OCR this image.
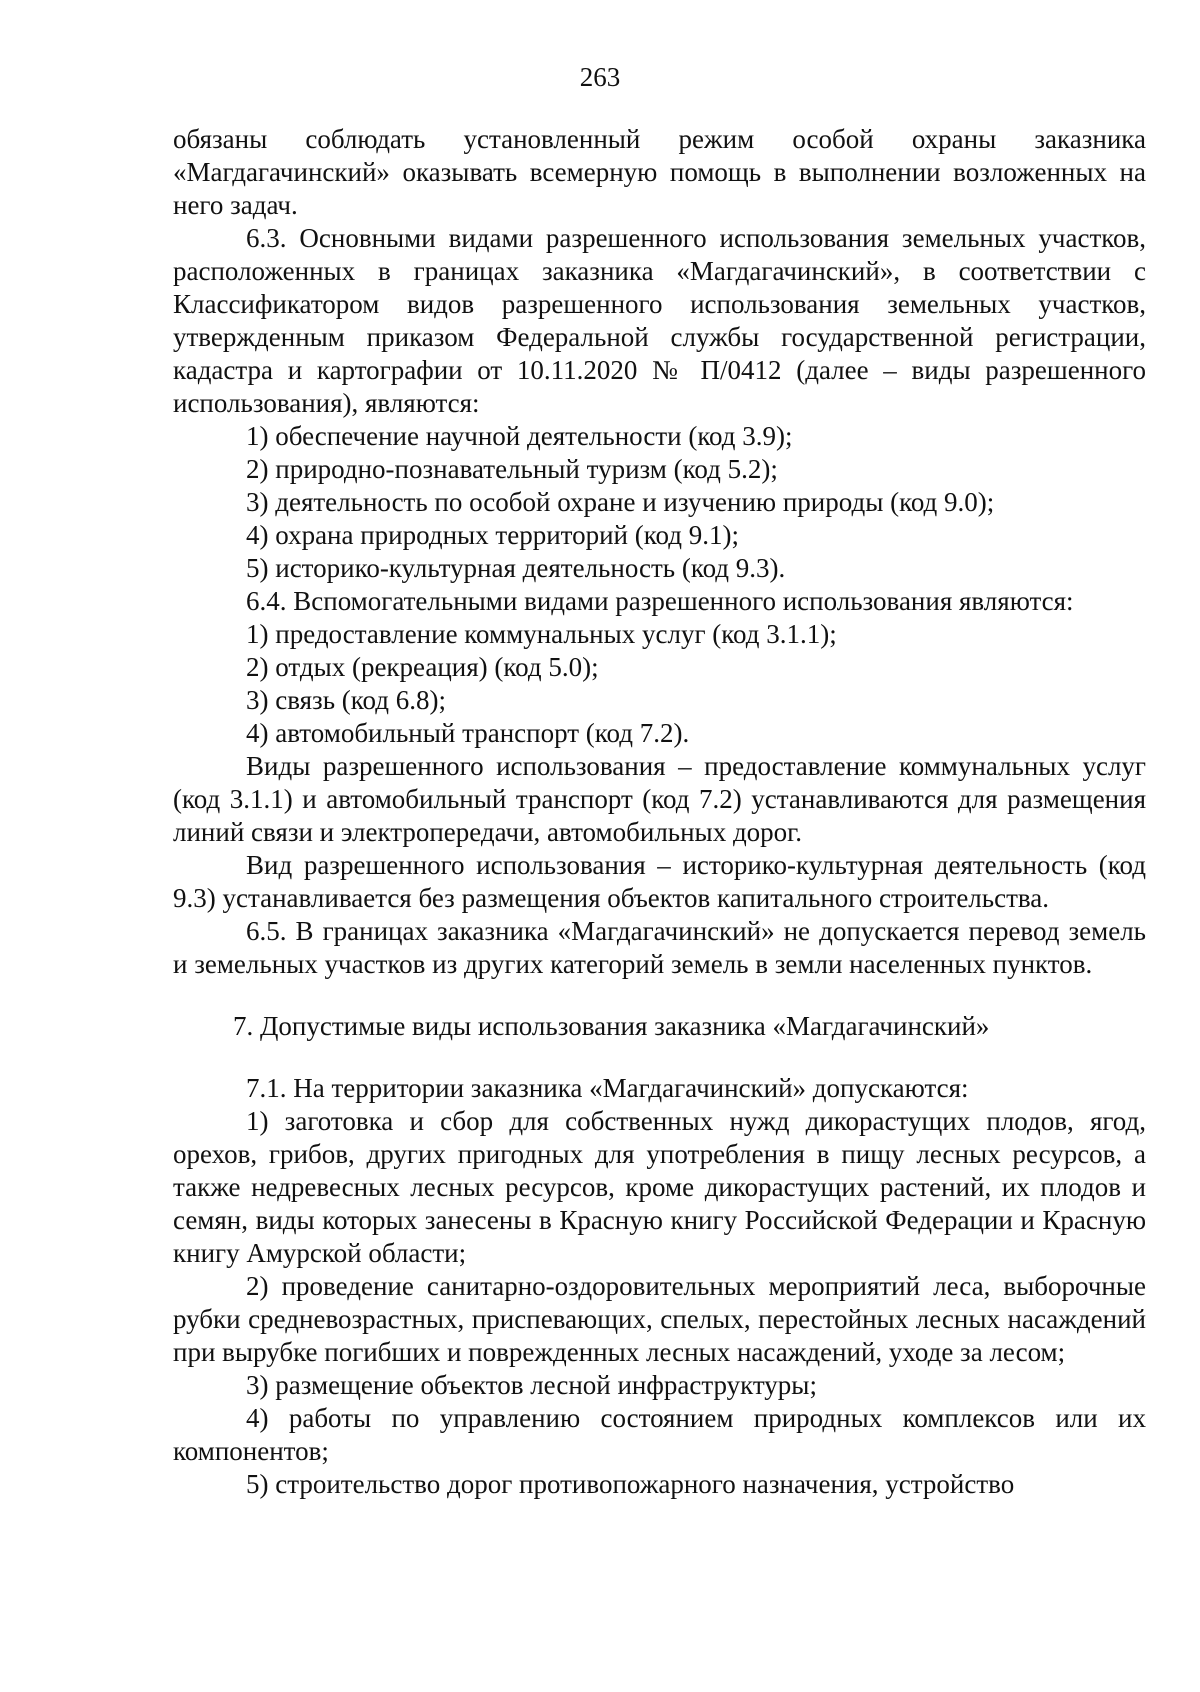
263

обязаны соблюдать установленный режим особой охраны заказника «Магдагачинский» оказывать всемерную помощь в выполнении возложенных на него задач.

6.3. Основными видами разрешенного использования земельных участков, расположенных в границах заказника «Магдагачинский», в соответствии с Классификатором видов разрешенного использования земельных участков, утвержденным приказом Федеральной службы государственной регистрации, кадастра и картографии от 10.11.2020 № П/0412 (далее – виды разрешенного использования), являются:

1) обеспечение научной деятельности (код 3.9);

2) природно-познавательный туризм (код 5.2);

3) деятельность по особой охране и изучению природы (код 9.0);

4) охрана природных территорий (код 9.1);

5) историко-культурная деятельность (код 9.3).

6.4. Вспомогательными видами разрешенного использования являются:

1) предоставление коммунальных услуг (код 3.1.1);

2) отдых (рекреация) (код 5.0);

3) связь (код 6.8);

4) автомобильный транспорт (код 7.2).

Виды разрешенного использования – предоставление коммунальных услуг (код 3.1.1) и автомобильный транспорт (код 7.2) устанавливаются для размещения линий связи и электропередачи, автомобильных дорог.

Вид разрешенного использования – историко-культурная деятельность (код 9.3) устанавливается без размещения объектов капитального строительства.

6.5. В границах заказника «Магдагачинский» не допускается перевод земель и земельных участков из других категорий земель в земли населенных пунктов.

7. Допустимые виды использования заказника «Магдагачинский»

7.1. На территории заказника «Магдагачинский» допускаются:

1) заготовка и сбор для собственных нужд дикорастущих плодов, ягод, орехов, грибов, других пригодных для употребления в пищу лесных ресурсов, а также недревесных лесных ресурсов, кроме дикорастущих растений, их плодов и семян, виды которых занесены в Красную книгу Российской Федерации и Красную книгу Амурской области;

2) проведение санитарно-оздоровительных мероприятий леса, выборочные рубки средневозрастных, приспевающих, спелых, перестойных лесных насаждений при вырубке погибших и поврежденных лесных насаждений, уходе за лесом;

3) размещение объектов лесной инфраструктуры;

4) работы по управлению состоянием природных комплексов или их компонентов;

5) строительство дорог противопожарного назначения, устройство
